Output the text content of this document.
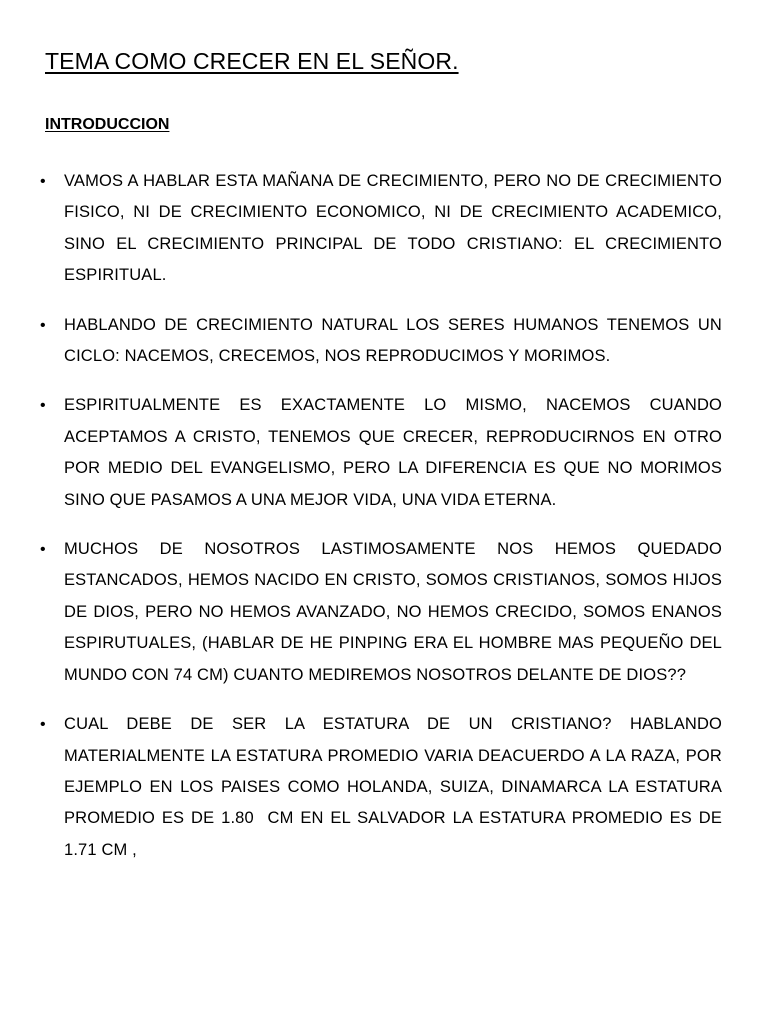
TEMA COMO CRECER EN EL SEÑOR.
INTRODUCCION
• VAMOS A HABLAR ESTA MAÑANA DE CRECIMIENTO, PERO NO DE CRECIMIENTO FISICO, NI DE CRECIMIENTO ECONOMICO, NI DE CRECIMIENTO ACADEMICO, SINO EL CRECIMIENTO PRINCIPAL DE TODO CRISTIANO: EL CRECIMIENTO ESPIRITUAL.
• HABLANDO DE CRECIMIENTO NATURAL LOS SERES HUMANOS TENEMOS UN CICLO: NACEMOS, CRECEMOS, NOS REPRODUCIMOS Y MORIMOS.
• ESPIRITUALMENTE ES EXACTAMENTE LO MISMO, NACEMOS CUANDO ACEPTAMOS A CRISTO, TENEMOS QUE CRECER, REPRODUCIRNOS EN OTRO POR MEDIO DEL EVANGELISMO, PERO LA DIFERENCIA ES QUE NO MORIMOS SINO QUE PASAMOS A UNA MEJOR VIDA, UNA VIDA ETERNA.
• MUCHOS DE NOSOTROS LASTIMOSAMENTE NOS HEMOS QUEDADO ESTANCADOS, HEMOS NACIDO EN CRISTO, SOMOS CRISTIANOS, SOMOS HIJOS DE DIOS, PERO NO HEMOS AVANZADO, NO HEMOS CRECIDO, SOMOS ENANOS ESPIRUTUALES, (HABLAR DE HE PINPING ERA EL HOMBRE MAS PEQUEÑO DEL MUNDO CON 74 CM) CUANTO MEDIREMOS NOSOTROS DELANTE DE DIOS??
• CUAL DEBE DE SER LA ESTATURA DE UN CRISTIANO? HABLANDO MATERIALMENTE LA ESTATURA PROMEDIO VARIA DEACUERDO A LA RAZA, POR EJEMPLO EN LOS PAISES COMO HOLANDA, SUIZA, DINAMARCA LA ESTATURA PROMEDIO ES DE 1.80  CM EN EL SALVADOR LA ESTATURA PROMEDIO ES DE 1.71 CM ,
